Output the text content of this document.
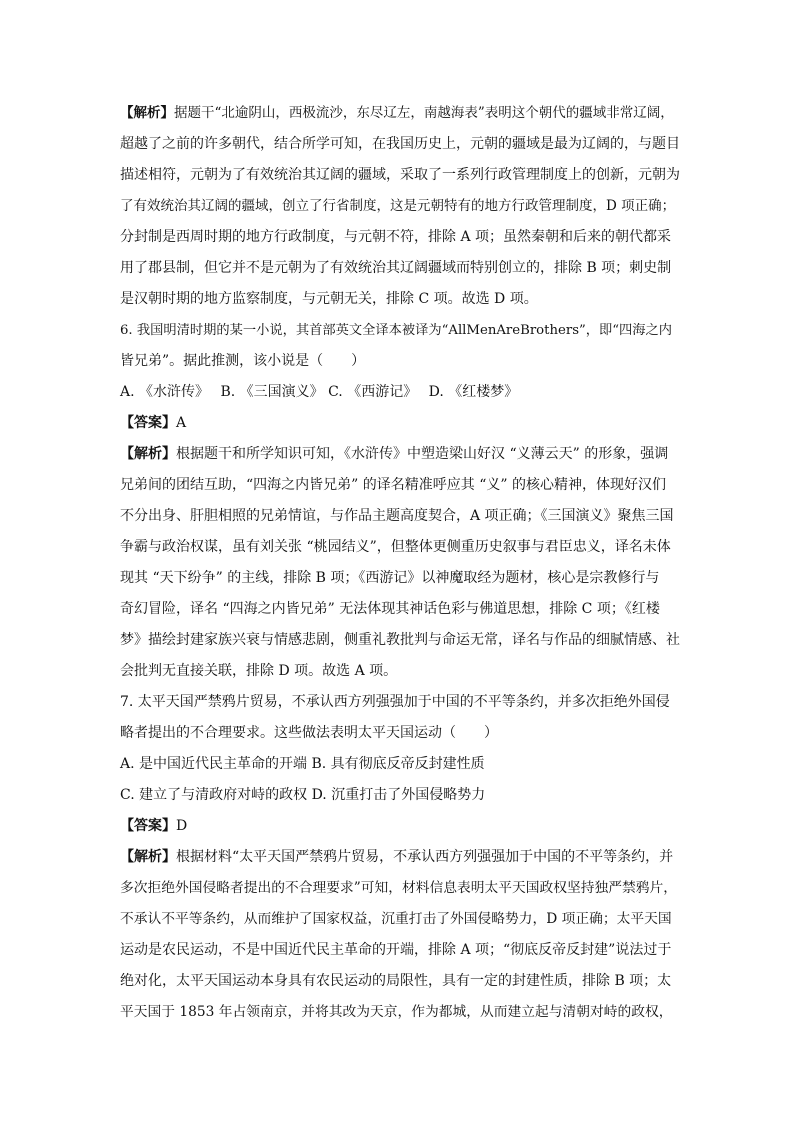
【解析】据题干“北逾阴山，西极流沙，东尽辽左，南越海表”表明这个朝代的疆域非常辽阔，
超越了之前的许多朝代，结合所学可知，在我国历史上，元朝的疆域是最为辽阔的，与题目
描述相符，元朝为了有效统治其辽阔的疆域，采取了一系列行政管理制度上的创新，元朝为
了有效统治其辽阔的疆域，创立了行省制度，这是元朝特有的地方行政管理制度，D 项正确；
分封制是西周时期的地方行政制度，与元朝不符，排除 A 项；虽然秦朝和后来的朝代都采
用了郡县制，但它并不是元朝为了有效统治其辽阔疆域而特别创立的，排除 B 项；刺史制
是汉朝时期的地方监察制度，与元朝无关，排除 C 项。故选 D 项。
6. 我国明清时期的某一小说，其首部英文全译本被译为“AllMenAreBrothers”，即“四海之内
皆兄弟”。据此推测，该小说是（　　）
A. 《水浒传》　 B. 《三国演义》 C. 《西游记》　 D. 《红楼梦》
【答案】A
【解析】根据题干和所学知识可知，《水浒传》中塑造梁山好汉 “义薄云天” 的形象，强调
兄弟间的团结互助，“四海之内皆兄弟” 的译名精准呼应其 “义” 的核心精神，体现好汉们
不分出身、肝胆相照的兄弟情谊，与作品主题高度契合，A 项正确；《三国演义》聚焦三国
争霸与政治权谋，虽有刘关张 “桃园结义”，但整体更侧重历史叙事与君臣忠义，译名未体
现其 “天下纷争” 的主线，排除 B 项；《西游记》以神魔取经为题材，核心是宗教修行与
奇幻冒险，译名 “四海之内皆兄弟” 无法体现其神话色彩与佛道思想，排除 C 项；《红楼
梦》描绘封建家族兴衰与情感悲剧，侧重礼教批判与命运无常，译名与作品的细腻情感、社
会批判无直接关联，排除 D 项。故选 A 项。
7. 太平天国严禁鸦片贸易，不承认西方列强强加于中国的不平等条约，并多次拒绝外国侵
略者提出的不合理要求。这些做法表明太平天国运动（　　）
A. 是中国近代民主革命的开端 B. 具有彻底反帝反封建性质
C. 建立了与清政府对峙的政权 D. 沉重打击了外国侵略势力
【答案】D
【解析】根据材料“太平天国严禁鸦片贸易，不承认西方列强强加于中国的不平等条约，并
多次拒绝外国侵略者提出的不合理要求”可知，材料信息表明太平天国政权坚持独严禁鸦片，
不承认不平等条约，从而维护了国家权益，沉重打击了外国侵略势力，D 项正确；太平天国
运动是农民运动，不是中国近代民主革命的开端，排除 A 项；“彻底反帝反封建”说法过于
绝对化，太平天国运动本身具有农民运动的局限性，具有一定的封建性质，排除 B 项；太
平天国于 1853 年占领南京，并将其改为天京，作为都城，从而建立起与清朝对峙的政权，
